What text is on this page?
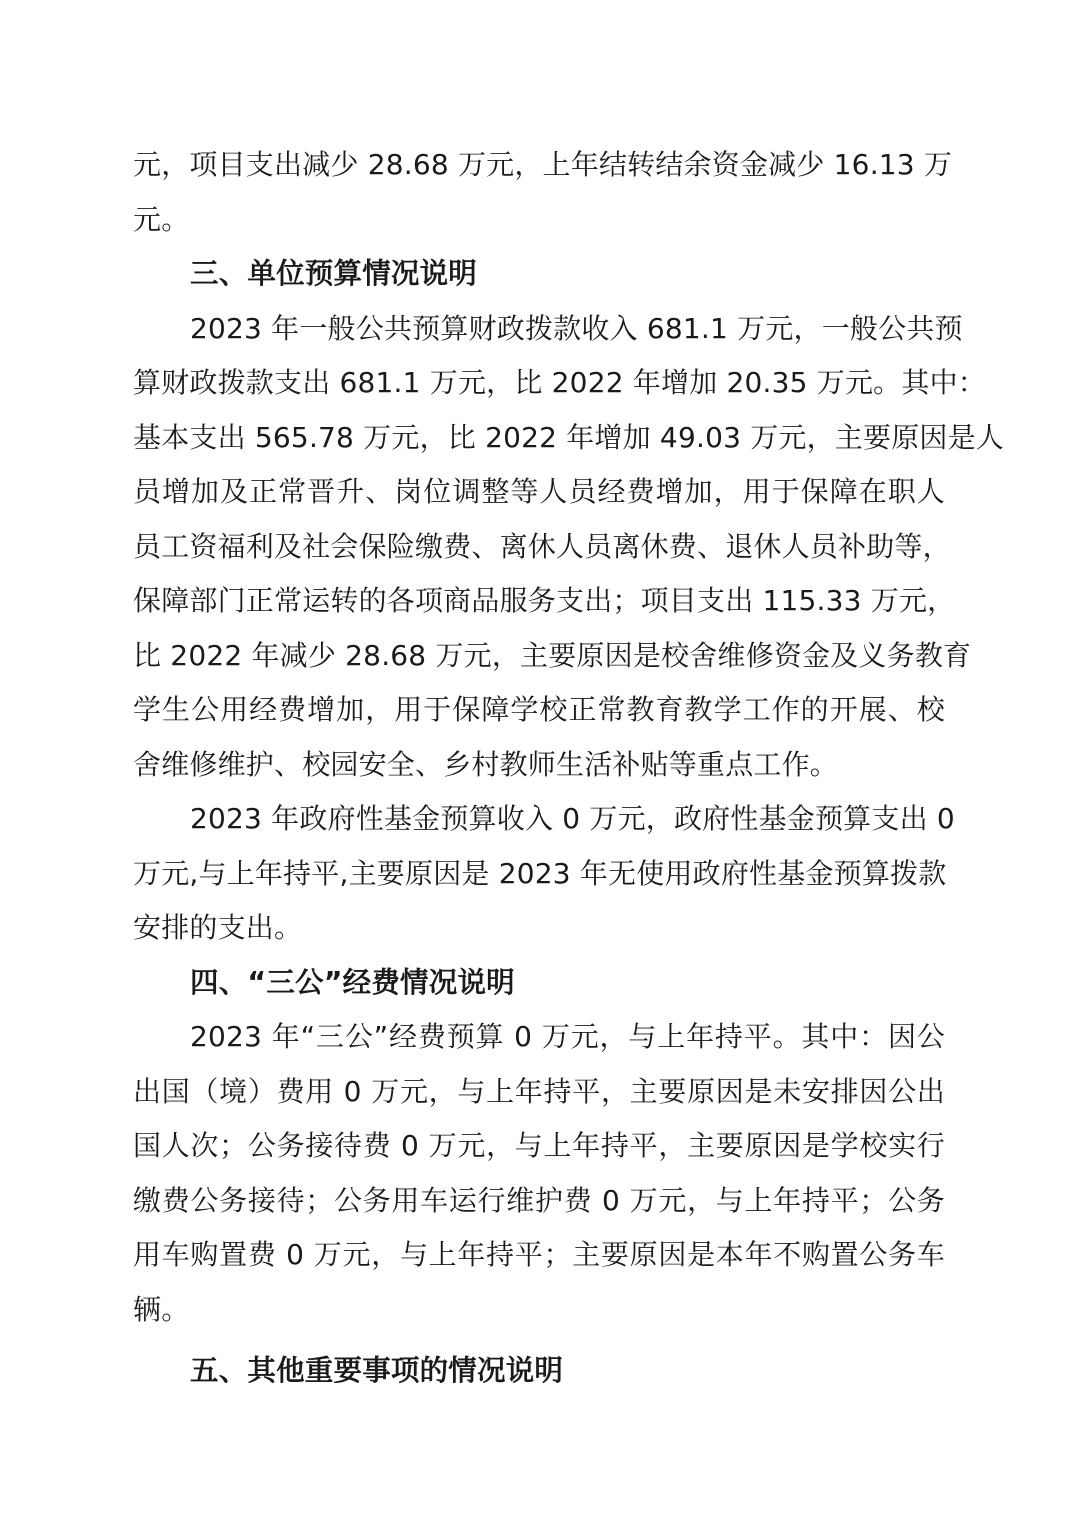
元，项目支出减少 28.68 万元，上年结转结余资金减少 16.13 万
元。
三、单位预算情况说明
2023 年一般公共预算财政拨款收入 681.1 万元，一般公共预
算财政拨款支出 681.1 万元，比 2022 年增加 20.35 万元。其中：
基本支出 565.78 万元，比 2022 年增加 49.03 万元，主要原因是人
员增加及正常晋升、岗位调整等人员经费增加，用于保障在职人
员工资福利及社会保险缴费、离休人员离休费、退休人员补助等，
保障部门正常运转的各项商品服务支出；项目支出 115.33 万元，
比 2022 年减少 28.68 万元，主要原因是校舍维修资金及义务教育
学生公用经费增加，用于保障学校正常教育教学工作的开展、校
舍维修维护、校园安全、乡村教师生活补贴等重点工作。
2023 年政府性基金预算收入 0 万元，政府性基金预算支出 0
万元,与上年持平,主要原因是 2023 年无使用政府性基金预算拨款
安排的支出。
四、“三公”经费情况说明
2023 年“三公”经费预算 0 万元，与上年持平。其中：因公
出国（境）费用 0 万元，与上年持平，主要原因是未安排因公出
国人次；公务接待费 0 万元，与上年持平，主要原因是学校实行
缴费公务接待；公务用车运行维护费 0 万元，与上年持平；公务
用车购置费 0 万元，与上年持平；主要原因是本年不购置公务车
辆。
五、其他重要事项的情况说明
